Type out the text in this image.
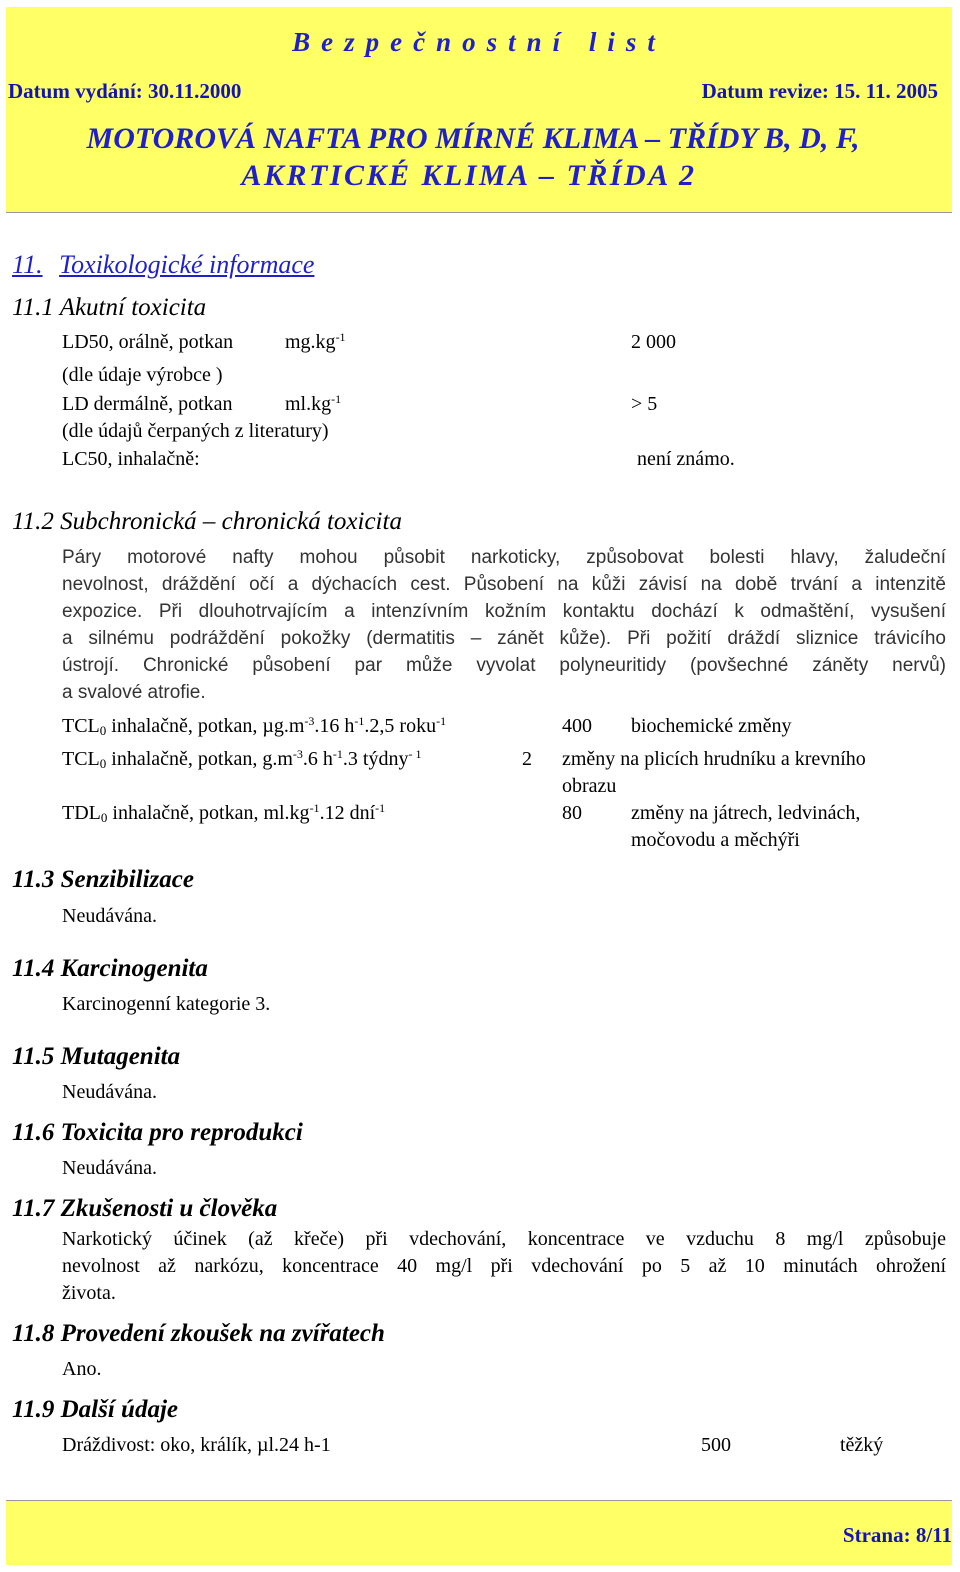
Bezpečnostní list
Datum vydání: 30.11.2000	Datum revize: 15. 11. 2005
MOTOROVÁ NAFTA PRO MÍRNÉ KLIMA – TŘÍDY B, D, F,
AKRTICKÉ KLIMA – TŘÍDA 2
11. Toxikologické informace
11.1 Akutní toxicita
LD50, orálně, potkan	$mg.kg^{-1}$	2 000
(dle údaje výrobce )
LD dermálně, potkan	$ml.kg^{-1}$	> 5
(dle údajů čerpaných z literatury)
LC50, inhalačně:	není známo.
11.2 Subchronická – chronická toxicita
Páry motorové nafty mohou působit narkoticky, způsobovat bolesti hlavy, žaludeční
nevolnost, dráždění očí a dýchacích cest. Působení na kůži závisí na době trvání a intenzitě
expozice. Při dlouhotrvajícím a intenzívním kožním kontaktu dochází k odmaštění, vysušení
a silnému podráždění pokožky (dermatitis – zánět kůže). Při požití dráždí sliznice trávicího
ústrojí. Chronické působení par může vyvolat polyneuritidy (povšechné záněty nervů)
a svalové atrofie.
$TCL_0$ inhalačně, potkan, $\mu g.m^{-3}.16$ $h^{-1}.2,5$ roku$^{-1}$	400 biochemické změny
$TCL_0$ inhalačně, potkan, $g.m^{-3}.6$ $h^{-1}.3$ týdny$^{- 1}$	2 změny na plicích hrudníku a krevního
obrazu
$TDL_0$ inhalačně, potkan, $ml.kg^{-1}.12$ dní$^{-1}$	80 změny na játrech, ledvinách,
močovodu a měchýři
11.3 Senzibilizace
Neudávána.
11.4 Karcinogenita
Karcinogenní kategorie 3.
11.5 Mutagenita
Neudávána.
11.6 Toxicita pro reprodukci
Neudávána.
11.7 Zkušenosti u člověka
Narkotický účinek (až křeče) při vdechování, koncentrace ve vzduchu 8 mg/l způsobuje
nevolnost až narkózu, koncentrace 40 mg/l při vdechování po 5 až 10 minutách ohrožení
života.
11.8 Provedení zkoušek na zvířatech
Ano.
11.9 Další údaje
Dráždivost: oko, králík, µl.24 h-1	500	těžký
Strana: 8/11
